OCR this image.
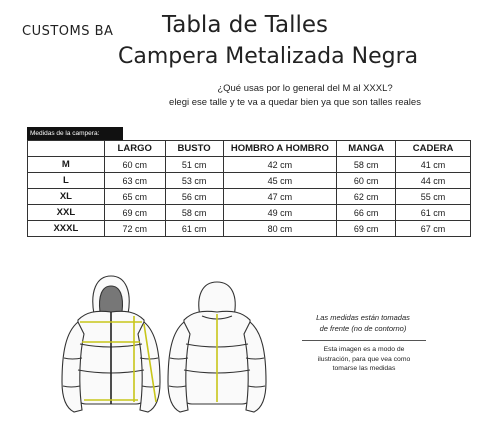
CUSTOMS BA Tabla de Talles
Campera Metalizada Negra
¿Qué usas por lo general del M al XXXL?
elegi ese talle y te va a quedar bien ya que son talles reales
Medidas de la campera:
	LARGO	BUSTO	HOMBRO A HOMBRO	MANGA	CADERA
M	60 cm	51 cm	42 cm	58 cm	41 cm
L	63 cm	53 cm	45 cm	60 cm	44 cm
XL	65 cm	56 cm	47 cm	62 cm	55 cm
XXL	69 cm	58 cm	49 cm	66 cm	61 cm
XXXL	72 cm	61 cm	80 cm	69 cm	67 cm
Las medidas están tomadas
de frente (no de contorno)
Esta imagen es a modo de
ilustración, para que vea como
tomarse las medidas
